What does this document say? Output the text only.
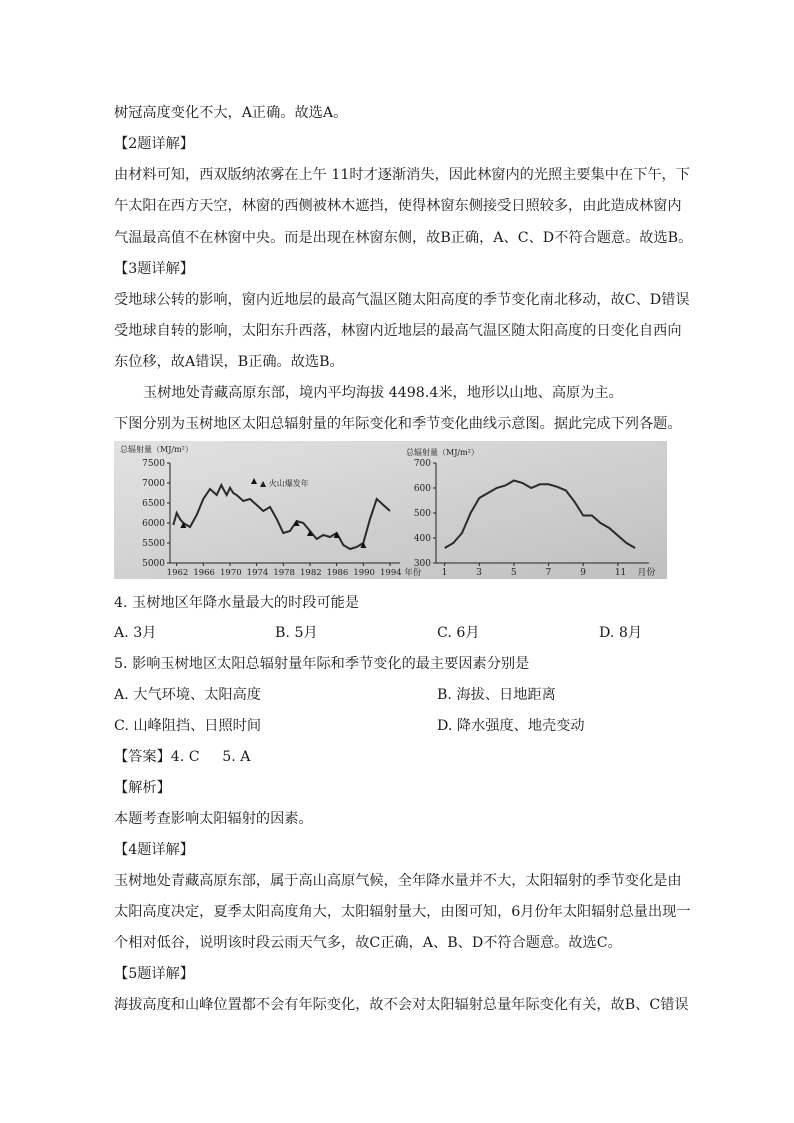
树冠高度变化不大，A正确。故选A。
【2题详解】
由材料可知，西双版纳浓雾在上午 11时才逐渐消失，因此林窗内的光照主要集中在下午，下
午太阳在西方天空，林窗的西侧被林木遮挡，使得林窗东侧接受日照较多，由此造成林窗内
气温最高值不在林窗中央。而是出现在林窗东侧，故B正确，A、C、D不符合题意。故选B。
【3题详解】
受地球公转的影响，窗内近地层的最高气温区随太阳高度的季节变化南北移动，故C、D错误
受地球自转的影响，太阳东升西落，林窗内近地层的最高气温区随太阳高度的日变化自西向
东位移，故A错误，B正确。故选B。
玉树地处青藏高原东部，境内平均海拔 4498.4米，地形以山地、高原为主。
下图分别为玉树地区太阳总辐射量的年际变化和季节变化曲线示意图。据此完成下列各题。
总辐射量（MJ/m²）
7500
7000
6500
6000
5500
5000
1962 1966 1970 1974 1978 1982 1986 1990 1994 年份
▲ 火山爆发年
总辐射量（MJ/m²）
700
600
500
400
300
1	3	5	7	9	11 月份
4. 玉树地区年降水量最大的时段可能是
A. 3月	B. 5月	C. 6月	D. 8月
5. 影响玉树地区太阳总辐射量年际和季节变化的最主要因素分别是
A. 大气环境、太阳高度	B. 海拔、日地距离
C. 山峰阻挡、日照时间	D. 降水强度、地壳变动
【答案】4. C     5. A
【解析】
本题考查影响太阳辐射的因素。
【4题详解】
玉树地处青藏高原东部，属于高山高原气候，全年降水量并不大，太阳辐射的季节变化是由
太阳高度决定，夏季太阳高度角大，太阳辐射量大，由图可知，6月份年太阳辐射总量出现一
个相对低谷，说明该时段云雨天气多，故C正确，A、B、D不符合题意。故选C。
【5题详解】
海拔高度和山峰位置都不会有年际变化，故不会对太阳辐射总量年际变化有关，故B、C错误
